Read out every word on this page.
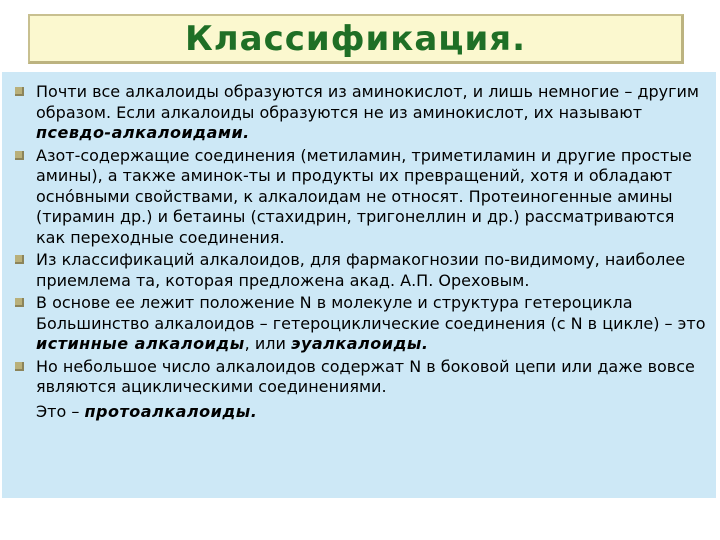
Классификация.
Почти все алкалоиды образуются из аминокислот, и лишь немногие – другим образом. Если алкалоиды образуются не из аминокислот, их называют псевдо-алкалоидами.
Азот-содержащие соединения (метиламин, триметиламин и другие простые амины), а также аминок-ты и продукты их превращений, хотя и обладают оснóвными свойствами, к алкалоидам не относят. Протеиногенные амины (тирамин др.) и бетаины (стахидрин, тригонеллин и др.) рассматриваются как переходные соединения.
Из классификаций алкалоидов, для фармакогнозии по-видимому, наиболее приемлема та, которая предложена акад. А.П. Ореховым.
В основе ее лежит положение N в молекуле и структура гетероцикла Большинство алкалоидов – гетероциклические соединения (с N в цикле) – это истинные алкалоиды, или эуалкалоиды.
Но небольшое число алкалоидов содержат N в боковой цепи или даже вовсе являются ациклическими соединениями.
Это – протоалкалоиды.
